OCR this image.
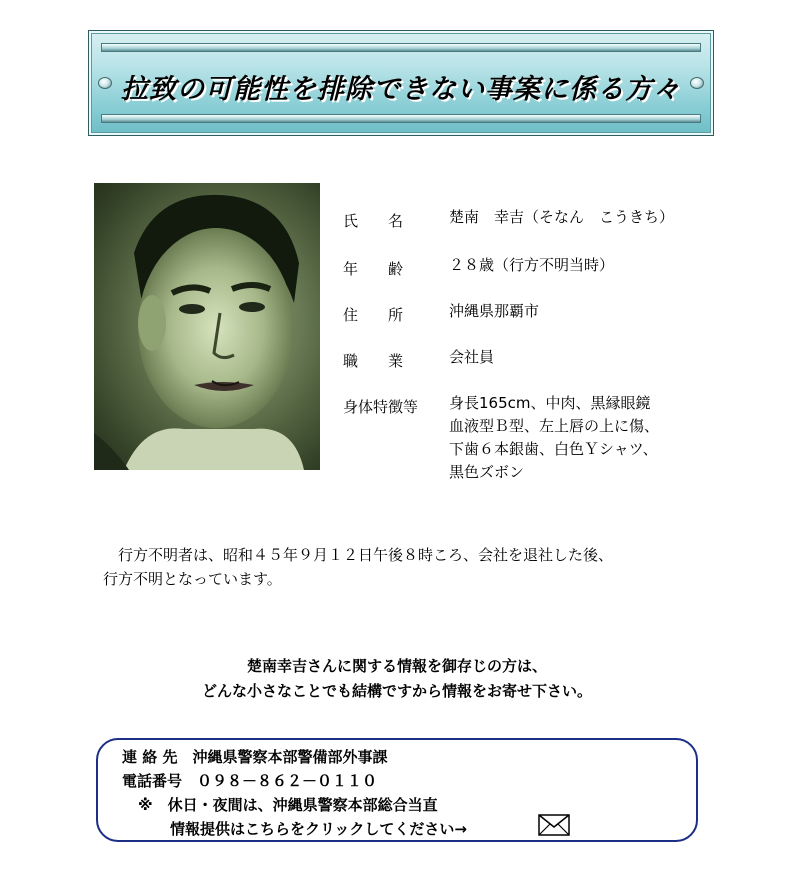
拉致の可能性を排除できない事案に係る方々
氏　　名	楚南　幸吉（そなん　こうきち）
年　　齢	２８歳（行方不明当時）
住　　所	沖縄県那覇市
職　　業	会社員
身体特徴等	身長165cm、中肉、黒縁眼鏡
血液型Ｂ型、左上唇の上に傷、
下歯６本銀歯、白色Ｙシャツ、
黒色ズボン

　行方不明者は、昭和４５年９月１２日午後８時ころ、会社を退社した後、

行方不明となっています。

楚南幸吉さんに関する情報を御存じの方は、

どんな小さなことでも結構ですから情報をお寄せ下さい。

連 絡 先　沖縄県警察本部警備部外事課
電話番号　０９８－８６２－０１１０
※　休日・夜間は、沖縄県警察本部総合当直
情報提供はこちらをクリックしてください→
